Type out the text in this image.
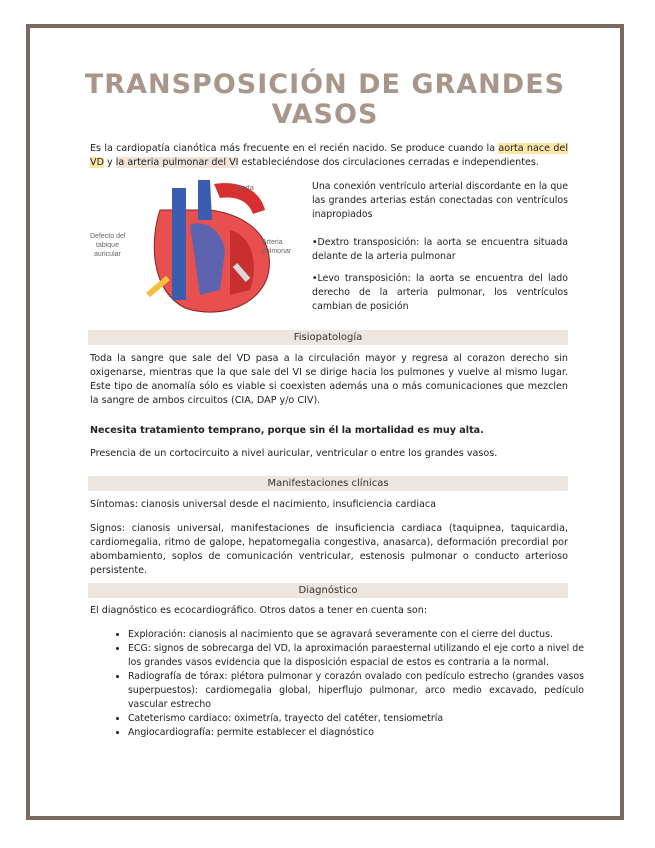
TRANSPOSICIÓN DE GRANDES VASOS
Es la cardiopatía cianótica más frecuente en el recién nacido. Se produce cuando la aorta nace del VD y la arteria pulmonar del VI estableciéndose dos circulaciones cerradas e independientes.
Aorta
Defecto del
tabique
auricular
Arteria
pulmonar
Una conexión ventrículo arterial discordante en la que las grandes arterias están conectadas con ventrículos inapropiados
•Dextro transposición: la aorta se encuentra situada delante de la arteria pulmonar
•Levo transposición: la aorta se encuentra del lado derecho de la arteria pulmonar, los ventrículos cambian de posición
Fisiopatología
Toda la sangre que sale del VD pasa a la circulación mayor y regresa al corazon derecho sin oxigenarse, mientras que la que sale del VI se dirige hacia los pulmones y vuelve al mismo lugar. Este tipo de anomalía sólo es viable si coexisten además una o más comunicaciones que mezclen la sangre de ambos circuitos (CIA, DAP y/o CIV).
Necesita tratamiento temprano, porque sin él la mortalidad es muy alta.
Presencia de un cortocircuito a nivel auricular, ventricular o entre los grandes vasos.
Manifestaciones clínicas
Síntomas: cianosis universal desde el nacimiento, insuficiencia cardiaca
Signos: cianosis universal, manifestaciones de insuficiencia cardiaca (taquipnea, taquicardia, cardiomegalia, ritmo de galope, hepatomegalia congestiva, anasarca), deformación precordial por abombamiento, soplos de comunicación ventricular, estenosis pulmonar o conducto arterioso persistente.
Diagnóstico
El diagnóstico es ecocardiográfico. Otros datos a tener en cuenta son:
• Exploración: cianosis al nacimiento que se agravará severamente con el cierre del ductus.
• ECG: signos de sobrecarga del VD, la aproximación paraesternal utilizando el eje corto a nivel de los grandes vasos evidencia que la disposición espacial de estos es contraria a la normal.
• Radiografía de tórax: plétora pulmonar y corazón ovalado con pedículo estrecho (grandes vasos superpuestos): cardiomegalia global, hiperflujo pulmonar, arco medio excavado, pedículo vascular estrecho
• Cateterismo cardiaco: oximetría, trayecto del catéter, tensiometría
• Angiocardiografía: permite establecer el diagnóstico
